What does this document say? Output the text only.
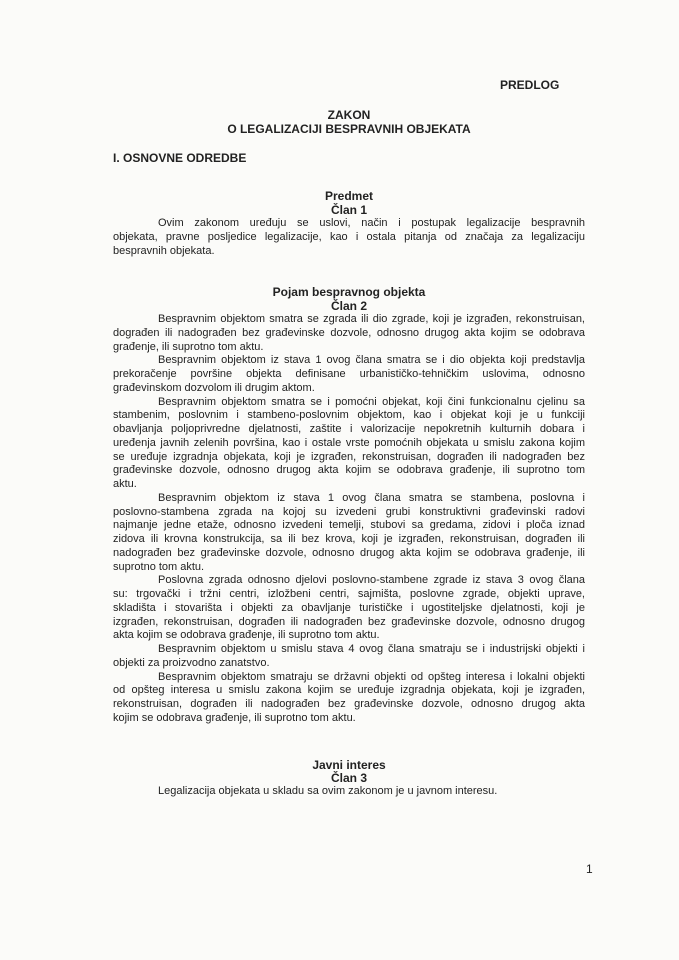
PREDLOG
ZAKON
O LEGALIZACIJI BESPRAVNIH OBJEKATA
I. OSNOVNE ODREDBE
Predmet
Član 1
Ovim zakonom uređuju se uslovi, način i postupak legalizacije bespravnih
objekata, pravne posljedice legalizacije, kao i ostala pitanja od značaja za legalizaciju
bespravnih objekata.
Pojam bespravnog objekta
Član 2
Bespravnim objektom smatra se zgrada ili dio zgrade, koji je izgrađen, rekonstruisan,
dograđen ili nadograđen bez građevinske dozvole, odnosno drugog akta kojim se odobrava
građenje, ili suprotno tom aktu.
Bespravnim objektom iz stava 1 ovog člana smatra se i dio objekta koji predstavlja
prekoračenje površine objekta definisane urbanističko-tehničkim uslovima, odnosno
građevinskom dozvolom ili drugim aktom.
Bespravnim objektom smatra se i pomoćni objekat, koji čini funkcionalnu cjelinu sa
stambenim, poslovnim i stambeno-poslovnim objektom, kao i objekat koji je u funkciji
obavljanja poljoprivredne djelatnosti, zaštite i valorizacije nepokretnih kulturnih dobara i
uređenja javnih zelenih površina, kao i ostale vrste pomoćnih objekata u smislu zakona kojim
se uređuje izgradnja objekata, koji je izgrađen, rekonstruisan, dograđen ili nadograđen bez
građevinske dozvole, odnosno drugog akta kojim se odobrava građenje, ili suprotno tom
aktu.
Bespravnim objektom iz stava 1 ovog člana smatra se stambena, poslovna i
poslovno-stambena zgrada na kojoj su izvedeni grubi konstruktivni građevinski radovi
najmanje jedne etaže, odnosno izvedeni temelji, stubovi sa gredama, zidovi i ploča iznad
zidova ili krovna konstrukcija, sa ili bez krova, koji je izgrađen, rekonstruisan, dograđen ili
nadograđen bez građevinske dozvole, odnosno drugog akta kojim se odobrava građenje, ili
suprotno tom aktu.
Poslovna zgrada odnosno djelovi poslovno-stambene zgrade iz stava 3 ovog člana
su: trgovački i tržni centri, izložbeni centri, sajmišta, poslovne zgrade, objekti uprave,
skladišta i stovarišta i objekti za obavljanje turističke i ugostiteljske djelatnosti, koji je
izgrađen, rekonstruisan, dograđen ili nadograđen bez građevinske dozvole, odnosno drugog
akta kojim se odobrava građenje, ili suprotno tom aktu.
Bespravnim objektom u smislu stava 4 ovog člana smatraju se i industrijski objekti i
objekti za proizvodno zanatstvo.
Bespravnim objektom smatraju se državni objekti od opšteg interesa i lokalni objekti
od opšteg interesa u smislu zakona kojim se uređuje izgradnja objekata, koji je izgrađen,
rekonstruisan, dograđen ili nadograđen bez građevinske dozvole, odnosno drugog akta
kojim se odobrava građenje, ili suprotno tom aktu.
Javni interes
Član 3
Legalizacija objekata u skladu sa ovim zakonom je u javnom interesu.
1
